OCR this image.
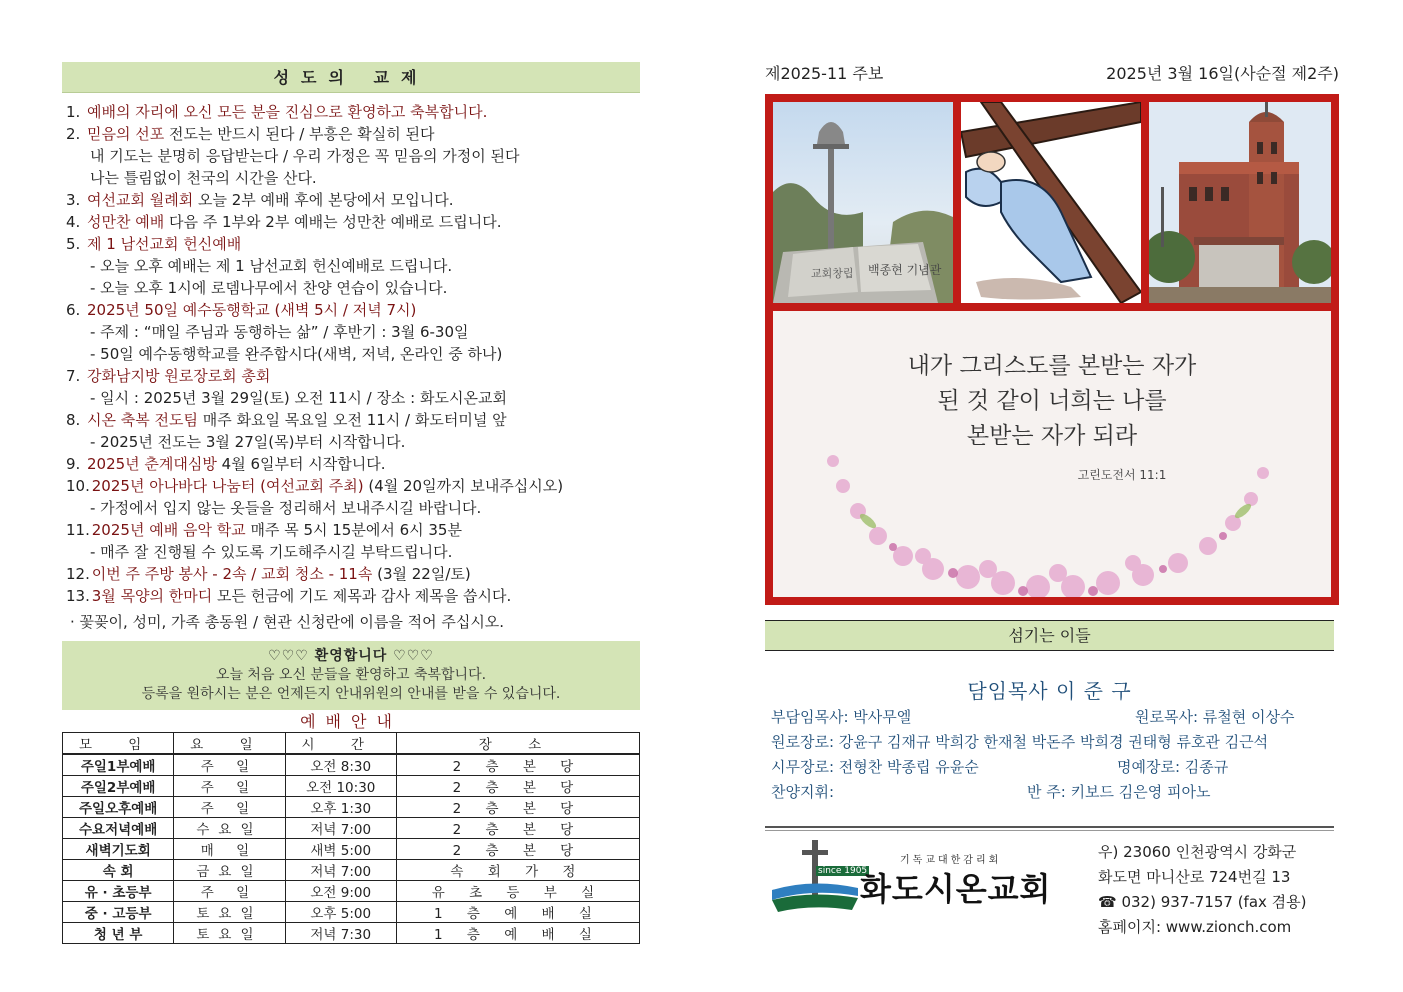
성도의 교제
1. 예배의 자리에 오신 모든 분을 진심으로 환영하고 축복합니다.
2. 믿음의 선포 전도는 반드시 된다 / 부흥은 확실히 된다
내 기도는 분명히 응답받는다 / 우리 가정은 꼭 믿음의 가정이 된다
나는 틀림없이 천국의 시간을 산다.
3. 여선교회 월례회 오늘 2부 예배 후에 본당에서 모입니다.
4. 성만찬 예배 다음 주 1부와 2부 예배는 성만찬 예배로 드립니다.
5. 제 1 남선교회 헌신예배
- 오늘 오후 예배는 제 1 남선교회 헌신예배로 드립니다.
- 오늘 오후 1시에 로뎀나무에서 찬양 연습이 있습니다.
6. 2025년 50일 예수동행학교 (새벽 5시 / 저녁 7시)
- 주제 : “매일 주님과 동행하는 삶” / 후반기 : 3월 6-30일
- 50일 예수동행학교를 완주합시다(새벽, 저녁, 온라인 중 하나)
7. 강화남지방 원로장로회 총회
- 일시 : 2025년 3월 29일(토) 오전 11시 / 장소 : 화도시온교회
8. 시온 축복 전도팀 매주 화요일 목요일 오전 11시 / 화도터미널 앞
- 2025년 전도는 3월 27일(목)부터 시작합니다.
9. 2025년 춘계대심방 4월 6일부터 시작합니다.
10. 2025년 아나바다 나눔터 (여선교회 주최) (4월 20일까지 보내주십시오)
- 가정에서 입지 않는 옷들을 정리해서 보내주시길 바랍니다.
11. 2025년 예배 음악 학교 매주 목 5시 15분에서 6시 35분
- 매주 잘 진행될 수 있도록 기도해주시길 부탁드립니다.
12. 이번 주 주방 봉사 - 2속 / 교회 청소 - 11속 (3월 22일/토)
13. 3월 목양의 한마디 모든 헌금에 기도 제목과 감사 제목을 씁시다.
· 꽃꽂이, 성미, 가족 총동원 / 현관 신청란에 이름을 적어 주십시오.
♡♡♡ 환영합니다 ♡♡♡
오늘 처음 오신 분들을 환영하고 축복합니다.
등록을 원하시는 분은 언제든지 안내위원의 안내를 받을 수 있습니다.
예배안내
모 임	요 일	시 간	장 소
주일1부예배	주 일	오전 8:30	2 층 본 당
주일2부예배	주 일	오전 10:30	2 층 본 당
주일오후예배	주 일	오후 1:30	2 층 본 당
수요저녁예배	수요일	저녁 7:00	2 층 본 당
새벽기도회	매 일	새벽 5:00	2 층 본 당
속 회	금요일	저녁 7:00	속 회 가 정
유 · 초등부	주 일	오전 9:00	유 초 등 부 실
중 · 고등부	토요일	오후 5:00	1 층 예 배 실
청 년 부	토요일	저녁 7:30	1 층 예 배 실
제2025-11 주보	2025년 3월 16일(사순절 제2주)
교회창립 백종현 기념관
내가 그리스도를 본받는 자가
된 것 같이 너희는 나를
본받는 자가 되라
고린도전서 11:1
섬기는 이들
담임목사 이 준 구
부담임목사: 박사무엘	원로목사: 류철현 이상수
원로장로: 강윤구 김재규 박희강 한재철 박돈주 박희경 권태형 류호관 김근석
시무장로: 전형찬 박종립 유윤순	명예장로: 김종규
찬양지휘:	반 주: 키보드 김은영 피아노
since 1905
기독교대한감리회
화도시온교회
우) 23060 인천광역시 강화군
화도면 마니산로 724번길 13
☎ 032) 937-7157 (fax 겸용)
홈페이지: www.zionch.com
